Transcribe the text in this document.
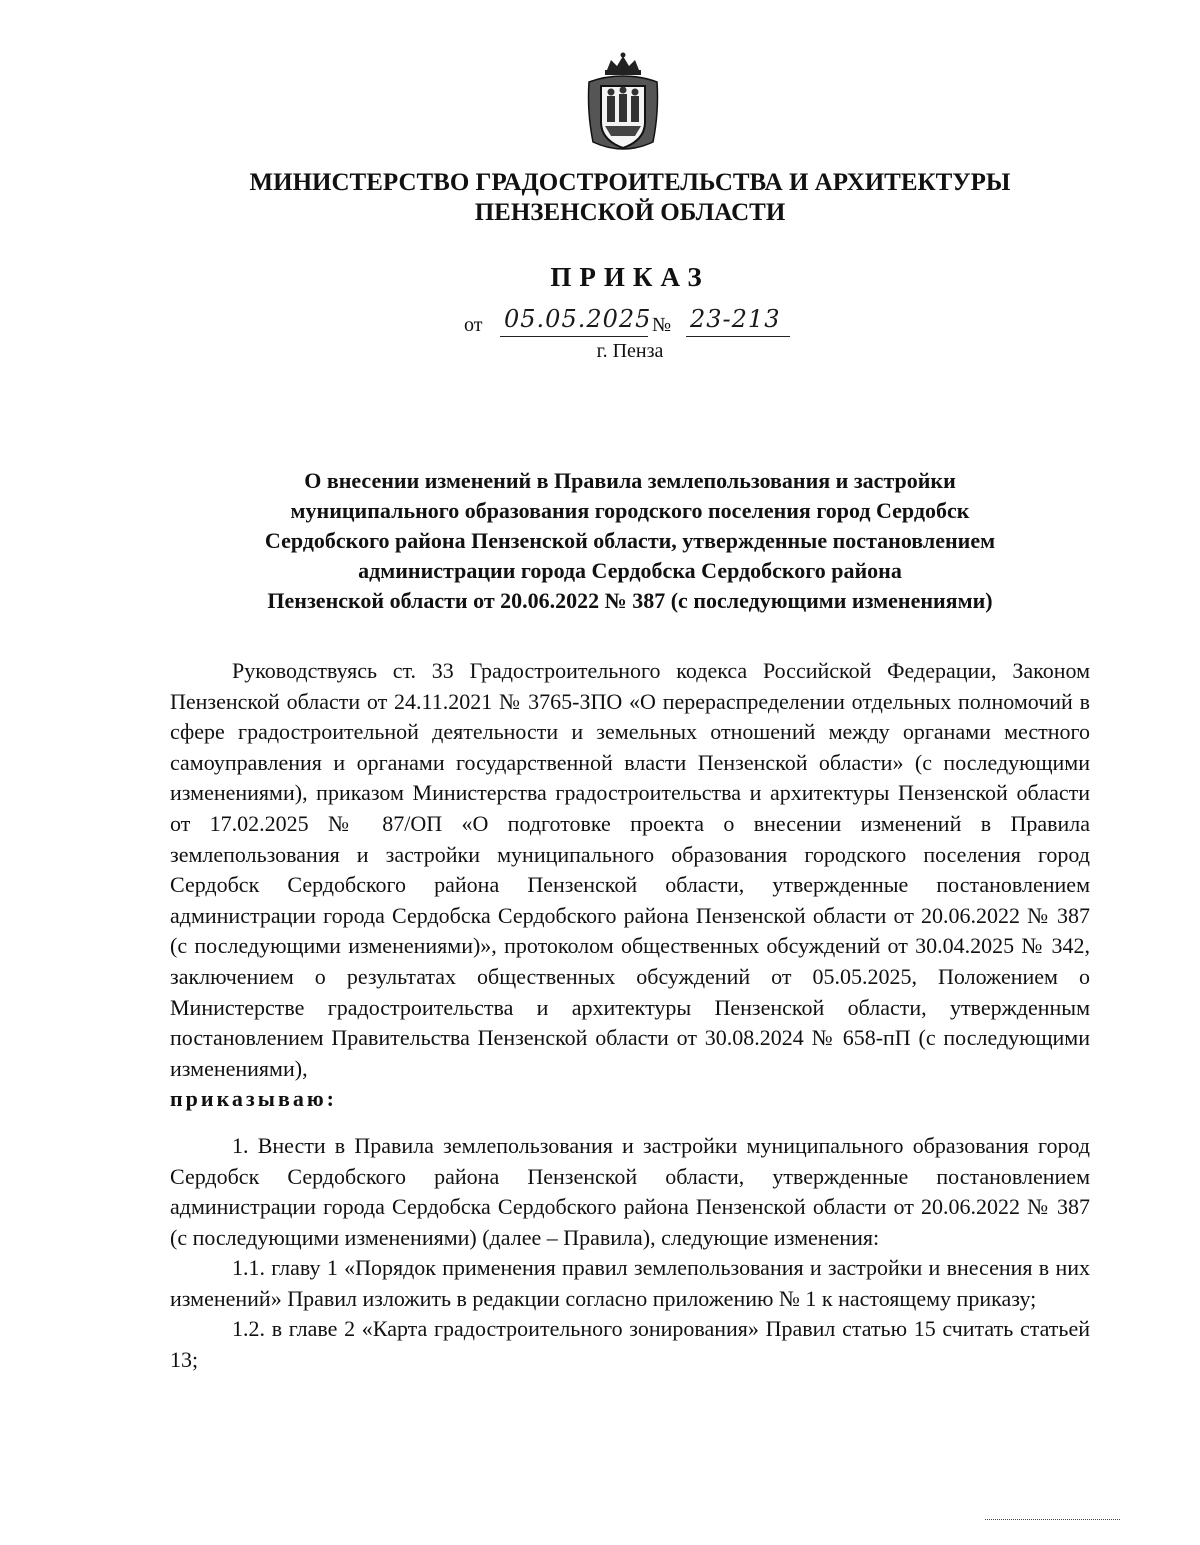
МИНИСТЕРСТВО ГРАДОСТРОИТЕЛЬСТВА И АРХИТЕКТУРЫ
ПЕНЗЕНСКОЙ ОБЛАСТИ
ПРИКАЗ
от 05.05.2025 № 23-213
г. Пенза
О внесении изменений в Правила землепользования и застройки
муниципального образования городского поселения город Сердобск
Сердобского района Пензенской области, утвержденные постановлением
администрации города Сердобска Сердобского района
Пензенской области от 20.06.2022 № 387 (с последующими изменениями)

Руководствуясь ст. 33 Градостроительного кодекса Российской Федерации, Законом Пензенской области от 24.11.2021 № 3765-ЗПО «О перераспределении отдельных полномочий в сфере градостроительной деятельности и земельных отношений между органами местного самоуправления и органами государственной власти Пензенской области» (с последующими изменениями), приказом Министерства градостроительства и архитектуры Пензенской области от 17.02.2025 № 87/ОП «О подготовке проекта о внесении изменений в Правила землепользования и застройки муниципального образования городского поселения город Сердобск Сердобского района Пензенской области, утвержденные постановлением администрации города Сердобска Сердобского района Пензенской области от 20.06.2022 № 387 (с последующими изменениями)», протоколом общественных обсуждений от 30.04.2025 № 342, заключением о результатах общественных обсуждений от 05.05.2025, Положением о Министерстве градостроительства и архитектуры Пензенской области, утвержденным постановлением Правительства Пензенской области от 30.08.2024 № 658-пП (с последующими изменениями),

приказываю:

1. Внести в Правила землепользования и застройки муниципального образования город Сердобск Сердобского района Пензенской области, утвержденные постановлением администрации города Сердобска Сердобского района Пензенской области от 20.06.2022 № 387 (с последующими изменениями) (далее – Правила), следующие изменения:

1.1. главу 1 «Порядок применения правил землепользования и застройки и внесения в них изменений» Правил изложить в редакции согласно приложению № 1 к настоящему приказу;

1.2. в главе 2 «Карта градостроительного зонирования» Правил статью 15 считать статьей 13;
